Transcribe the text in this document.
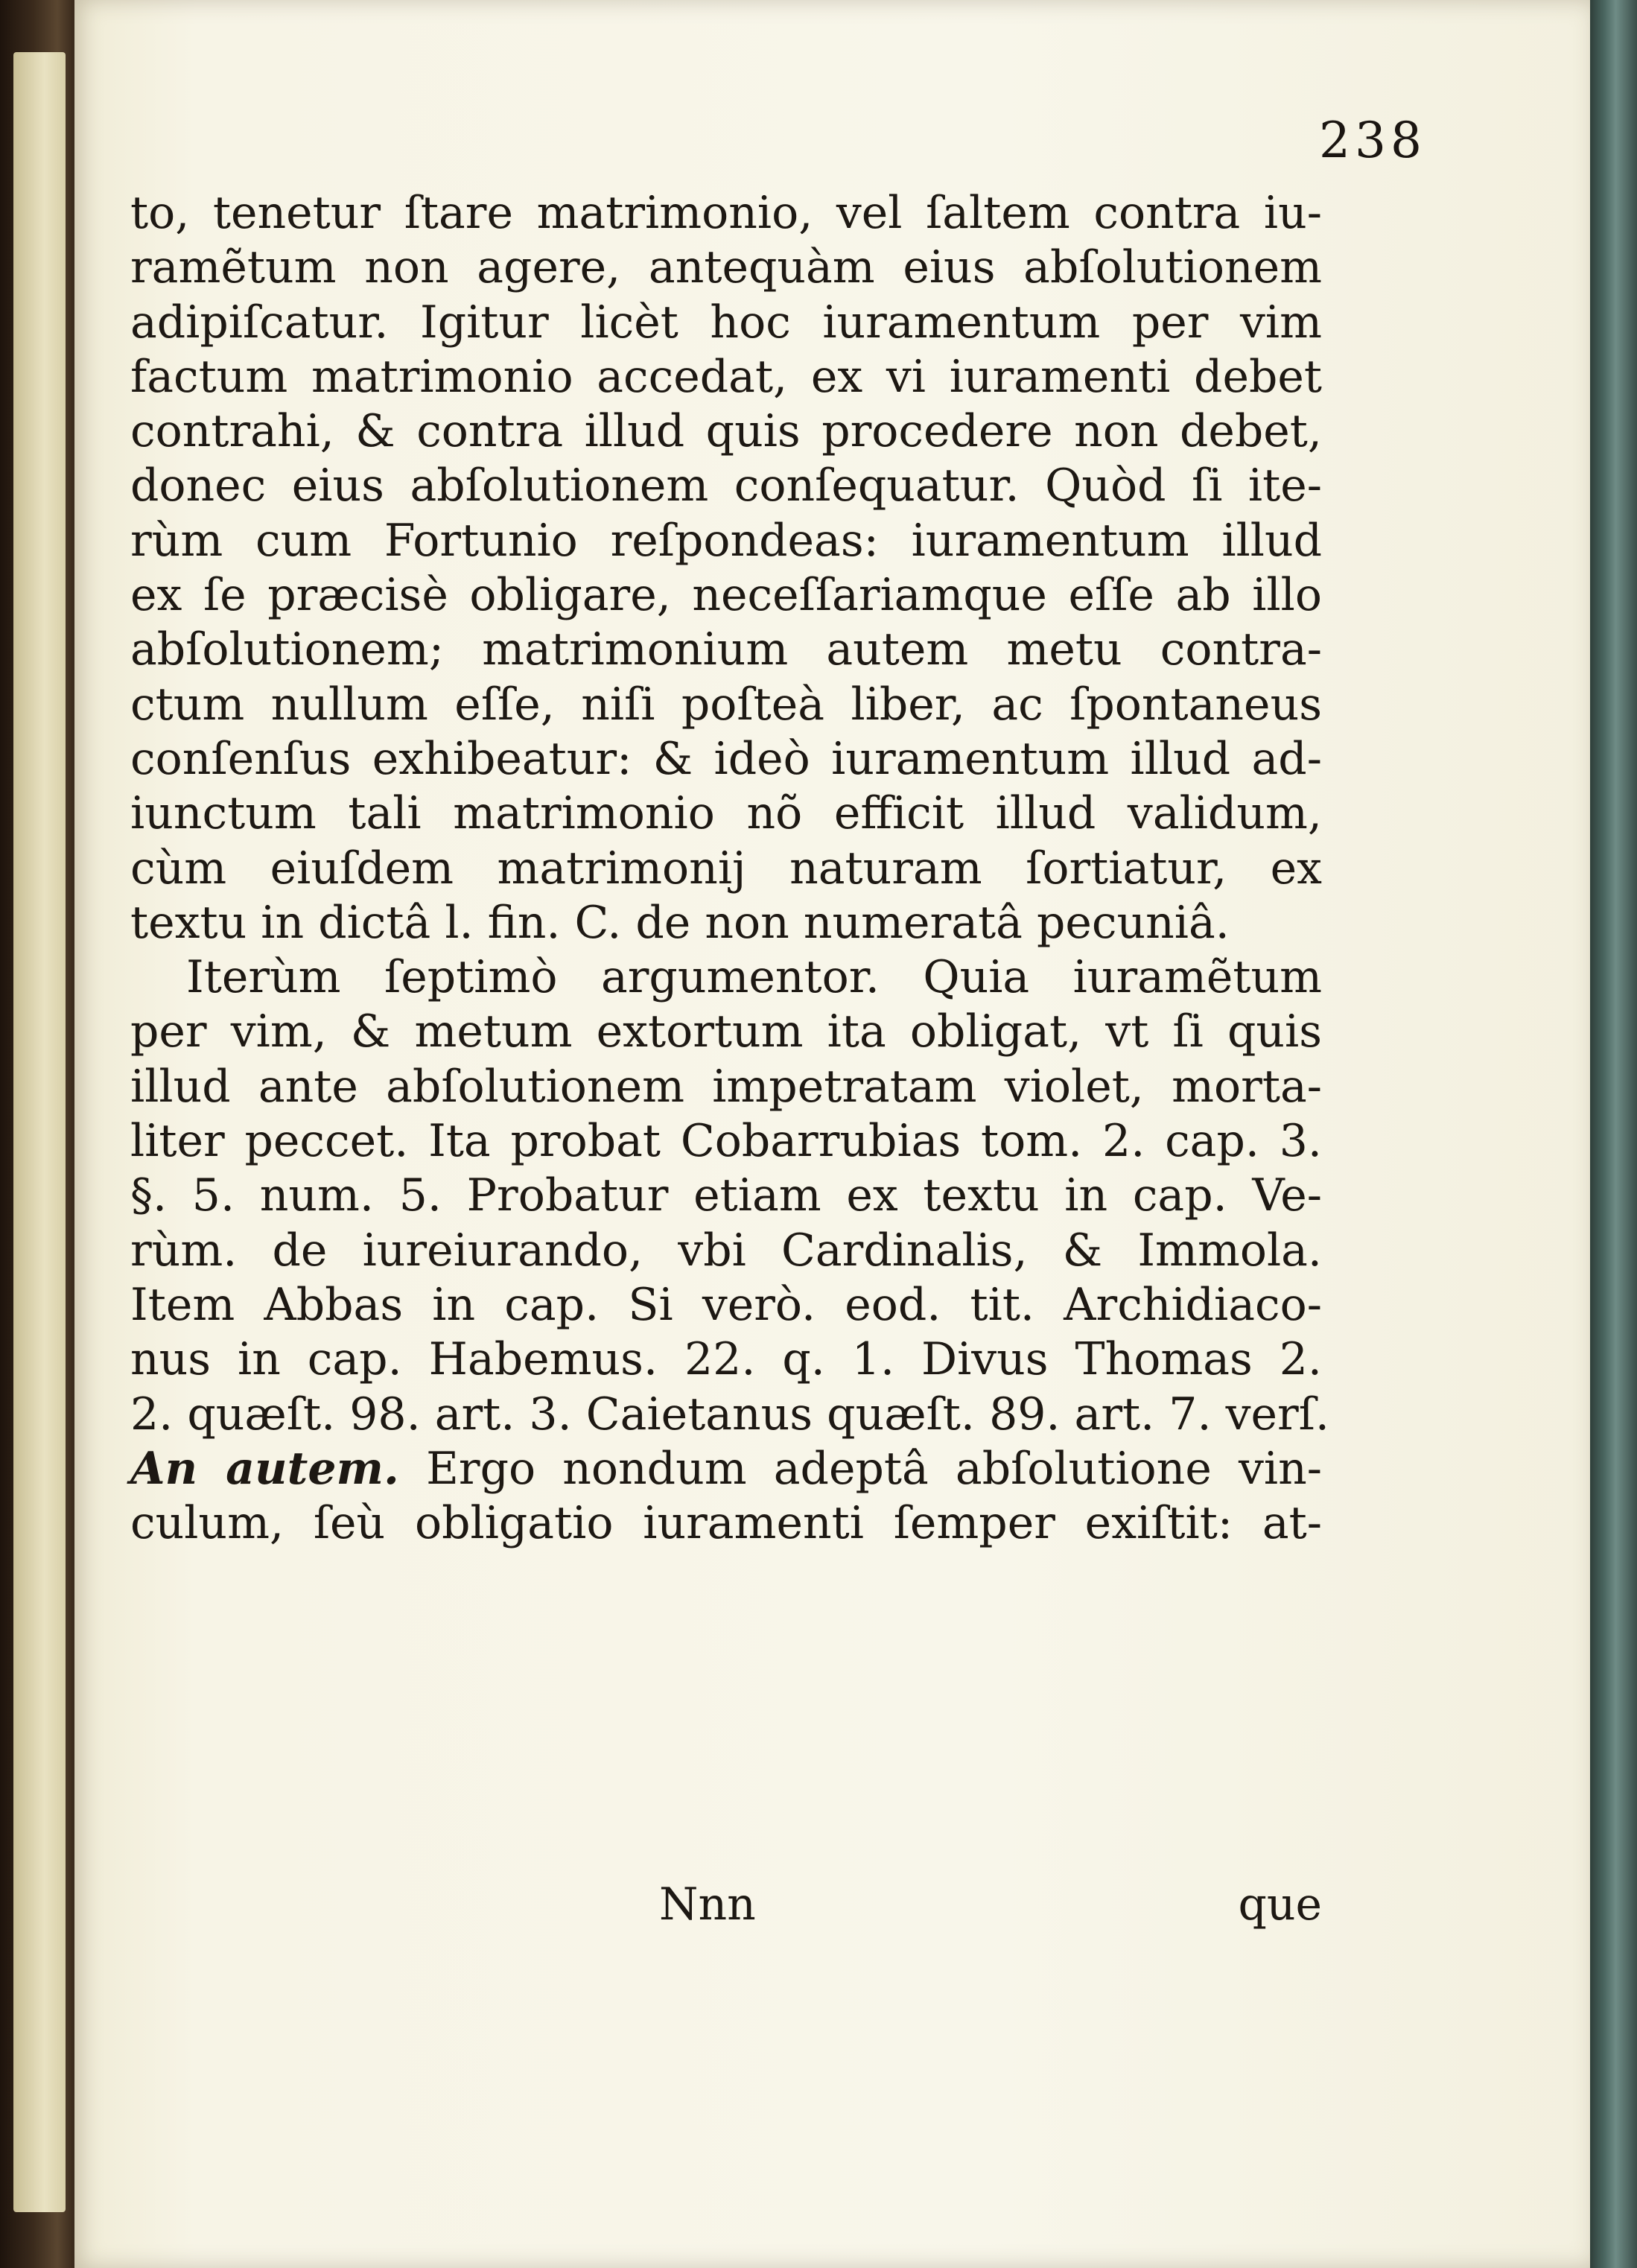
238
to, tenetur ſtare matrimonio, vel ſaltem contra iu-
ramẽtum non agere, antequàm eius abſolutionem
adipiſcatur. Igitur licèt hoc iuramentum per vim
factum matrimonio accedat, ex vi iuramenti debet
contrahi, & contra illud quis procedere non debet,
donec eius abſolutionem conſequatur. Quòd ſi ite-
rùm cum Fortunio reſpondeas: iuramentum illud
ex ſe præcisè obligare, neceſſariamque eſſe ab illo
abſolutionem; matrimonium autem metu contra-
ctum nullum eſſe, niſi poſteà liber, ac ſpontaneus
conſenſus exhibeatur: & ideò iuramentum illud ad-
iunctum tali matrimonio nõ efficit illud validum,
cùm eiuſdem matrimonij naturam ſortiatur, ex
textu in dictâ l. fin. C. de non numeratâ pecuniâ.
Iterùm ſeptimò argumentor. Quia iuramẽtum
per vim, & metum extortum ita obligat, vt ſi quis
illud ante abſolutionem impetratam violet, morta-
liter peccet. Ita probat Cobarrubias tom. 2. cap. 3.
§. 5. num. 5. Probatur etiam ex textu in cap. Ve-
rùm. de iureiurando, vbi Cardinalis, & Immola.
Item Abbas in cap. Si verò. eod. tit. Archidiaco-
nus in cap. Habemus. 22. q. 1. Divus Thomas 2.
2. quæſt. 98. art. 3. Caietanus quæſt. 89. art. 7. verſ.
An autem. Ergo nondum adeptâ abſolutione vin-
culum, ſeù obligatio iuramenti ſemper exiſtit: at-
Nnn	que
